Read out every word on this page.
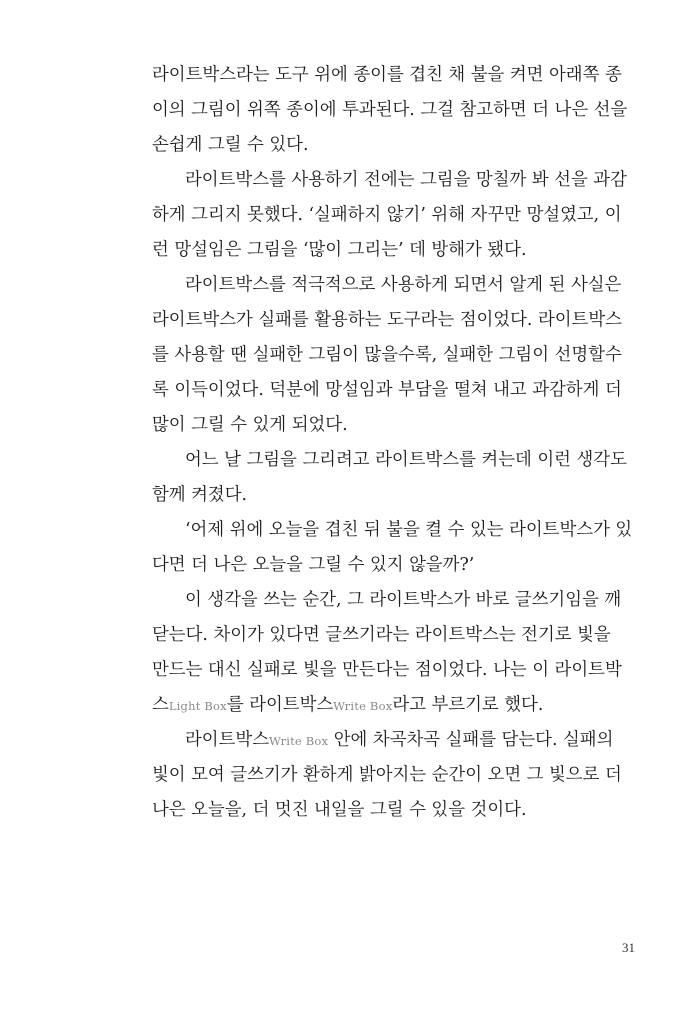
라이트박스라는 도구 위에 종이를 겹친 채 불을 켜면 아래쪽 종
이의 그림이 위쪽 종이에 투과된다. 그걸 참고하면 더 나은 선을
손쉽게 그릴 수 있다.
라이트박스를 사용하기 전에는 그림을 망칠까 봐 선을 과감
하게 그리지 못했다. ‘실패하지 않기’ 위해 자꾸만 망설였고, 이
런 망설임은 그림을 ‘많이 그리는’ 데 방해가 됐다.
라이트박스를 적극적으로 사용하게 되면서 알게 된 사실은
라이트박스가 실패를 활용하는 도구라는 점이었다. 라이트박스
를 사용할 땐 실패한 그림이 많을수록, 실패한 그림이 선명할수
록 이득이었다. 덕분에 망설임과 부담을 떨쳐 내고 과감하게 더
많이 그릴 수 있게 되었다.
어느 날 그림을 그리려고 라이트박스를 켜는데 이런 생각도
함께 켜졌다.
‘어제 위에 오늘을 겹친 뒤 불을 켤 수 있는 라이트박스가 있
다면 더 나은 오늘을 그릴 수 있지 않을까?’
이 생각을 쓰는 순간, 그 라이트박스가 바로 글쓰기임을 깨
닫는다. 차이가 있다면 글쓰기라는 라이트박스는 전기로 빛을
만드는 대신 실패로 빛을 만든다는 점이었다. 나는 이 라이트박
스Light Box를 라이트박스Write Box라고 부르기로 했다.
라이트박스Write Box 안에 차곡차곡 실패를 담는다. 실패의
빛이 모여 글쓰기가 환하게 밝아지는 순간이 오면 그 빛으로 더
나은 오늘을, 더 멋진 내일을 그릴 수 있을 것이다.
31
